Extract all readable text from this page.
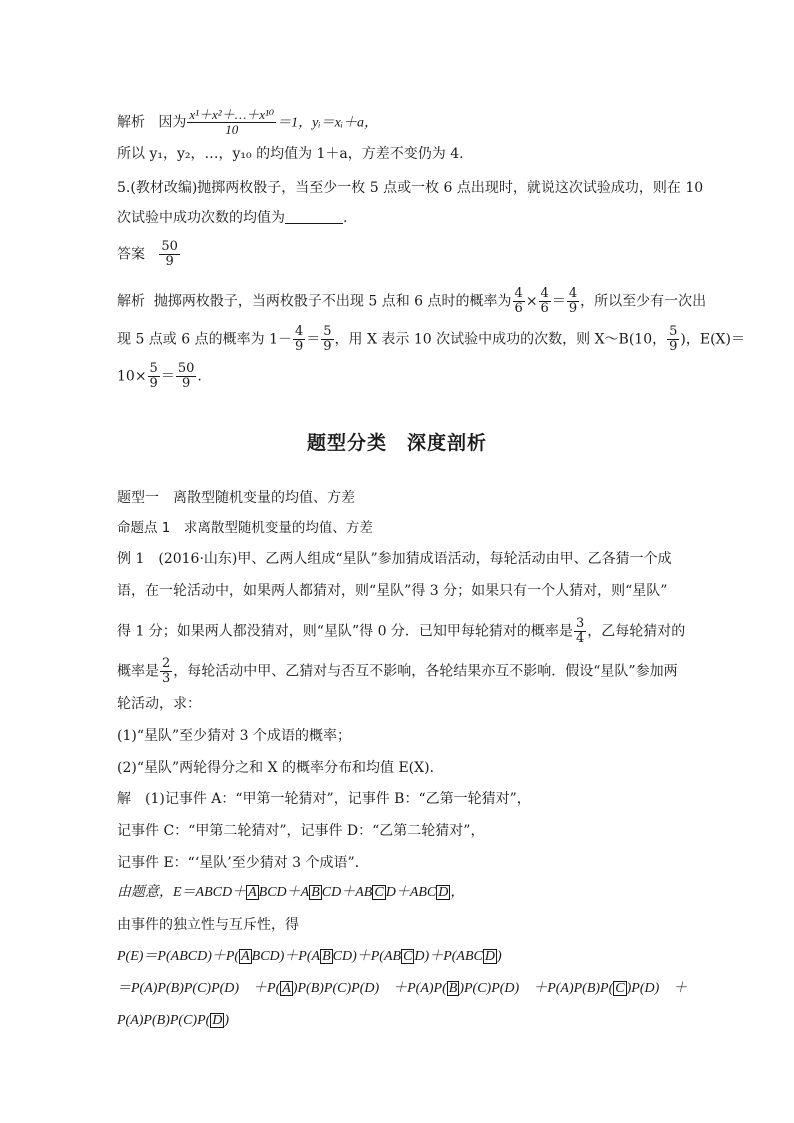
解析 因为 $\frac{\text{x¹＋x²＋…＋x¹⁰}}{10} =1$，yᵢ＝xᵢ＋a，
所以 y₁，y₂，…，y₁₀ 的均值为 1＋a，方差不变仍为 4.
5.(教材改编)抛掷两枚骰子，当至少一枚 5 点或一枚 6 点出现时，就说这次试验成功，则在 10
次试验中成功次数的均值为	.
答案 $\frac{50}{9}$
解析 抛掷两枚骰子，当两枚骰子不出现 5 点和 6 点时的概率为 $\frac{4}{6} \times \frac{4}{6} = \frac{4}{9}$ ，所以至少有一次出
现 5 点或 6 点的概率为 $1- \frac{4}{9} = \frac{5}{9}$ ，用 X 表示 10 次试验中成功的次数，则 X～B(10， $\frac{5}{9}$ )，E(X)＝
$10\times \frac{5}{9} = \frac{50}{9}$ .
题型分类　深度剖析
题型一　离散型随机变量的均值、方差
命题点 1　求离散型随机变量的均值、方差
例 1　(2016·山东)甲、乙两人组成“星队”参加猜成语活动，每轮活动由甲、乙各猜一个成
语，在一轮活动中，如果两人都猜对，则“星队”得 3 分；如果只有一个人猜对，则“星队”
得 1 分；如果两人都没猜对，则“星队”得 0 分．已知甲每轮猜对的概率是 $\frac{3}{4}$ ，乙每轮猜对的
概率是 $\frac{2}{3}$ ，每轮活动中甲、乙猜对与否互不影响，各轮结果亦互不影响．假设“星队”参加两
轮活动，求：
(1)“星队”至少猜对 3 个成语的概率；
(2)“星队”两轮得分之和 X 的概率分布和均值 E(X)．
解　(1)记事件 A：“甲第一轮猜对”，记事件 B：“乙第一轮猜对”，
记事件 C：“甲第二轮猜对”，记事件 D：“乙第二轮猜对”，
记事件 E：“‘星队’至少猜对 3 个成语”．
由题意，E＝ABCD＋ A BCD＋A B CD＋AB C D＋ABC D ，
由事件的独立性与互斥性，得
P(E)＝P(ABCD)＋P( A BCD)＋P(A B CD)＋P(AB C D)＋P(ABC D )
＝P(A)P(B)P(C)P(D)　＋P( A )P(B)P(C)P(D)　＋P(A)P( B )P(C)P(D)　＋P(A)P(B)P( C )P(D)　＋
P(A)P(B)P(C)P( D )
